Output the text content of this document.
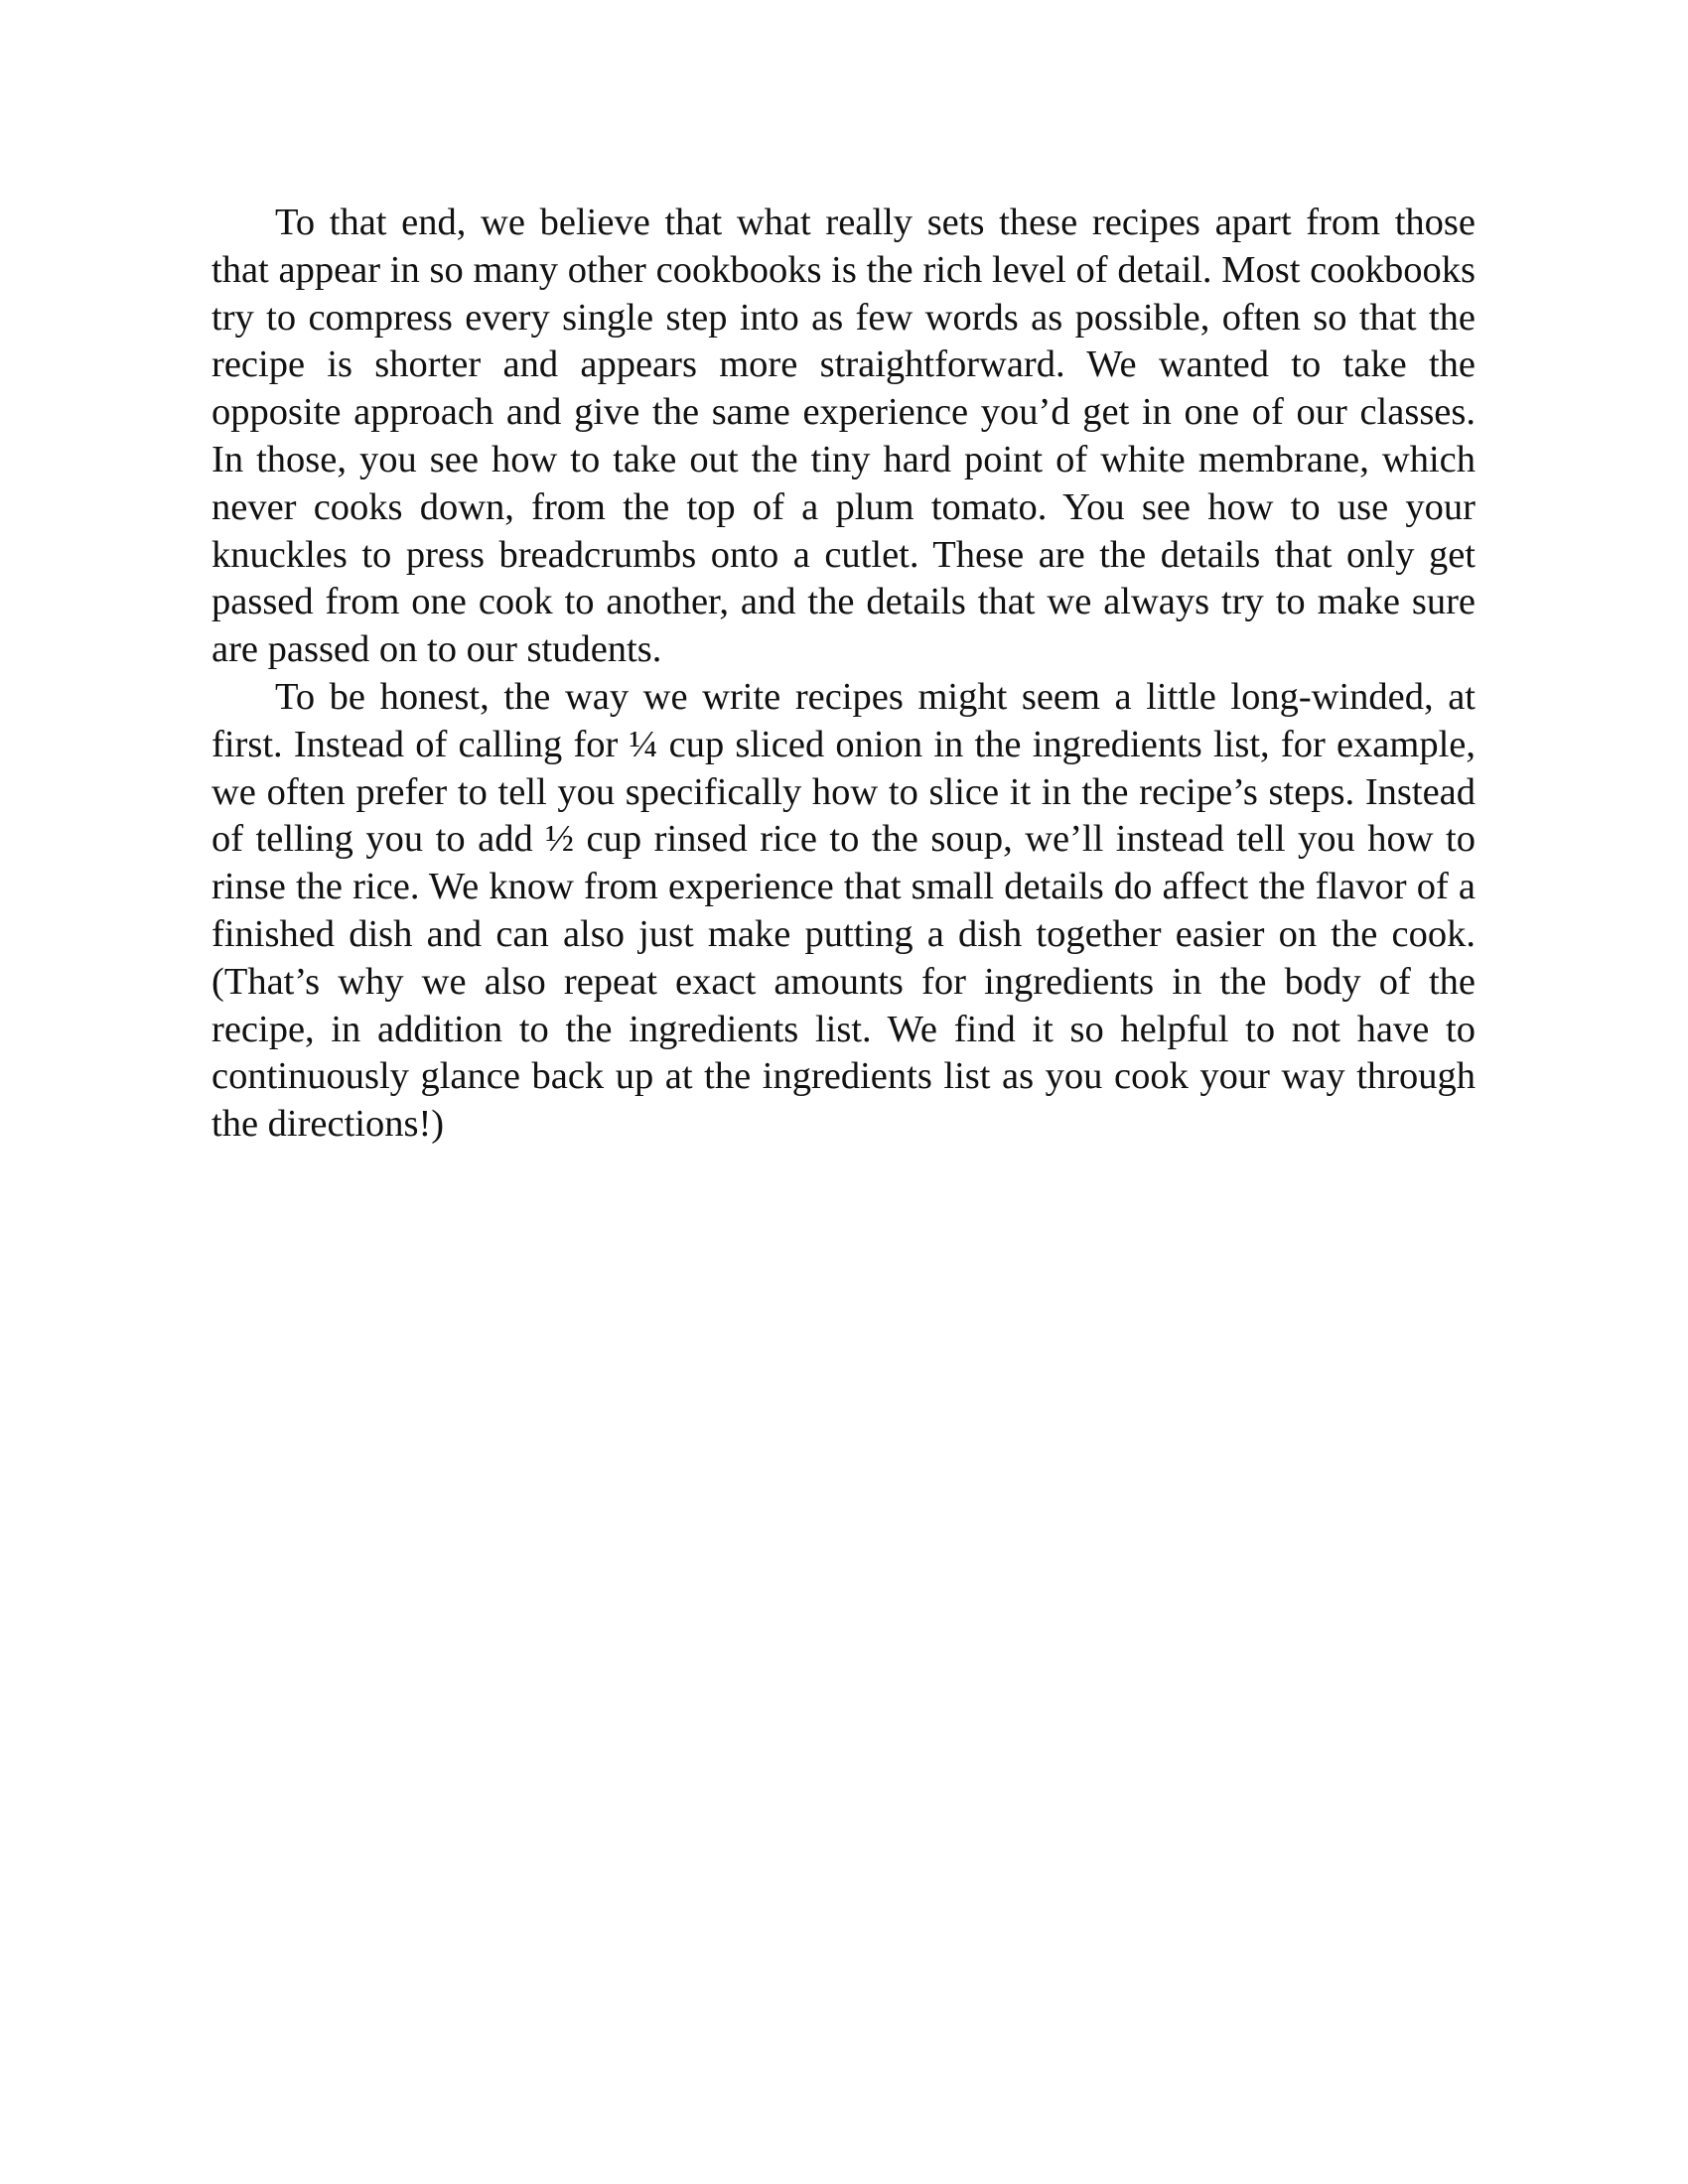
To that end, we believe that what really sets these recipes apart from those that appear in so many other cookbooks is the rich level of detail. Most cookbooks try to compress every single step into as few words as possible, often so that the recipe is shorter and appears more straightforward. We wanted to take the opposite approach and give the same experience you’d get in one of our classes. In those, you see how to take out the tiny hard point of white membrane, which never cooks down, from the top of a plum tomato. You see how to use your knuckles to press breadcrumbs onto a cutlet. These are the details that only get passed from one cook to another, and the details that we always try to make sure are passed on to our students.

To be honest, the way we write recipes might seem a little long-winded, at first. Instead of calling for ¼ cup sliced onion in the ingredients list, for example, we often prefer to tell you specifically how to slice it in the recipe’s steps. Instead of telling you to add ½ cup rinsed rice to the soup, we’ll instead tell you how to rinse the rice. We know from experience that small details do affect the flavor of a finished dish and can also just make putting a dish together easier on the cook. (That’s why we also repeat exact amounts for ingredients in the body of the recipe, in addition to the ingredients list. We find it so helpful to not have to continuously glance back up at the ingredients list as you cook your way through the directions!)
